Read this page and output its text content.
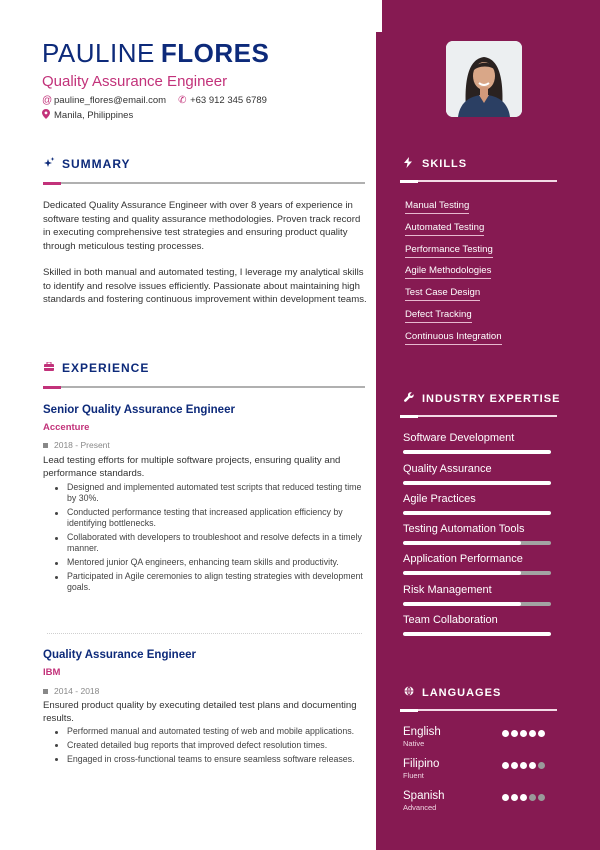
PAULINE FLORES
Quality Assurance Engineer
@ pauline_flores@email.com ✆ +63 912 345 6789
Manila, Philippines
SUMMARY
Dedicated Quality Assurance Engineer with over 8 years of experience in software testing and quality assurance methodologies. Proven track record in executing comprehensive test strategies and ensuring product quality through meticulous testing processes.
Skilled in both manual and automated testing, I leverage my analytical skills to identify and resolve issues efficiently. Passionate about maintaining high standards and fostering continuous improvement within development teams.
EXPERIENCE
Senior Quality Assurance Engineer
Accenture
2018 - Present
Lead testing efforts for multiple software projects, ensuring quality and performance standards.
Designed and implemented automated test scripts that reduced testing time by 30%.
Conducted performance testing that increased application efficiency by identifying bottlenecks.
Collaborated with developers to troubleshoot and resolve defects in a timely manner.
Mentored junior QA engineers, enhancing team skills and productivity.
Participated in Agile ceremonies to align testing strategies with development goals.
Quality Assurance Engineer
IBM
2014 - 2018
Ensured product quality by executing detailed test plans and documenting results.
Performed manual and automated testing of web and mobile applications.
Created detailed bug reports that improved defect resolution times.
Engaged in cross-functional teams to ensure seamless software releases.
SKILLS
Manual Testing
Automated Testing
Performance Testing
Agile Methodologies
Test Case Design
Defect Tracking
Continuous Integration
INDUSTRY EXPERTISE
Software Development
Quality Assurance
Agile Practices
Testing Automation Tools
Application Performance
Risk Management
Team Collaboration
LANGUAGES
English
Native
Filipino
Fluent
Spanish
Advanced
